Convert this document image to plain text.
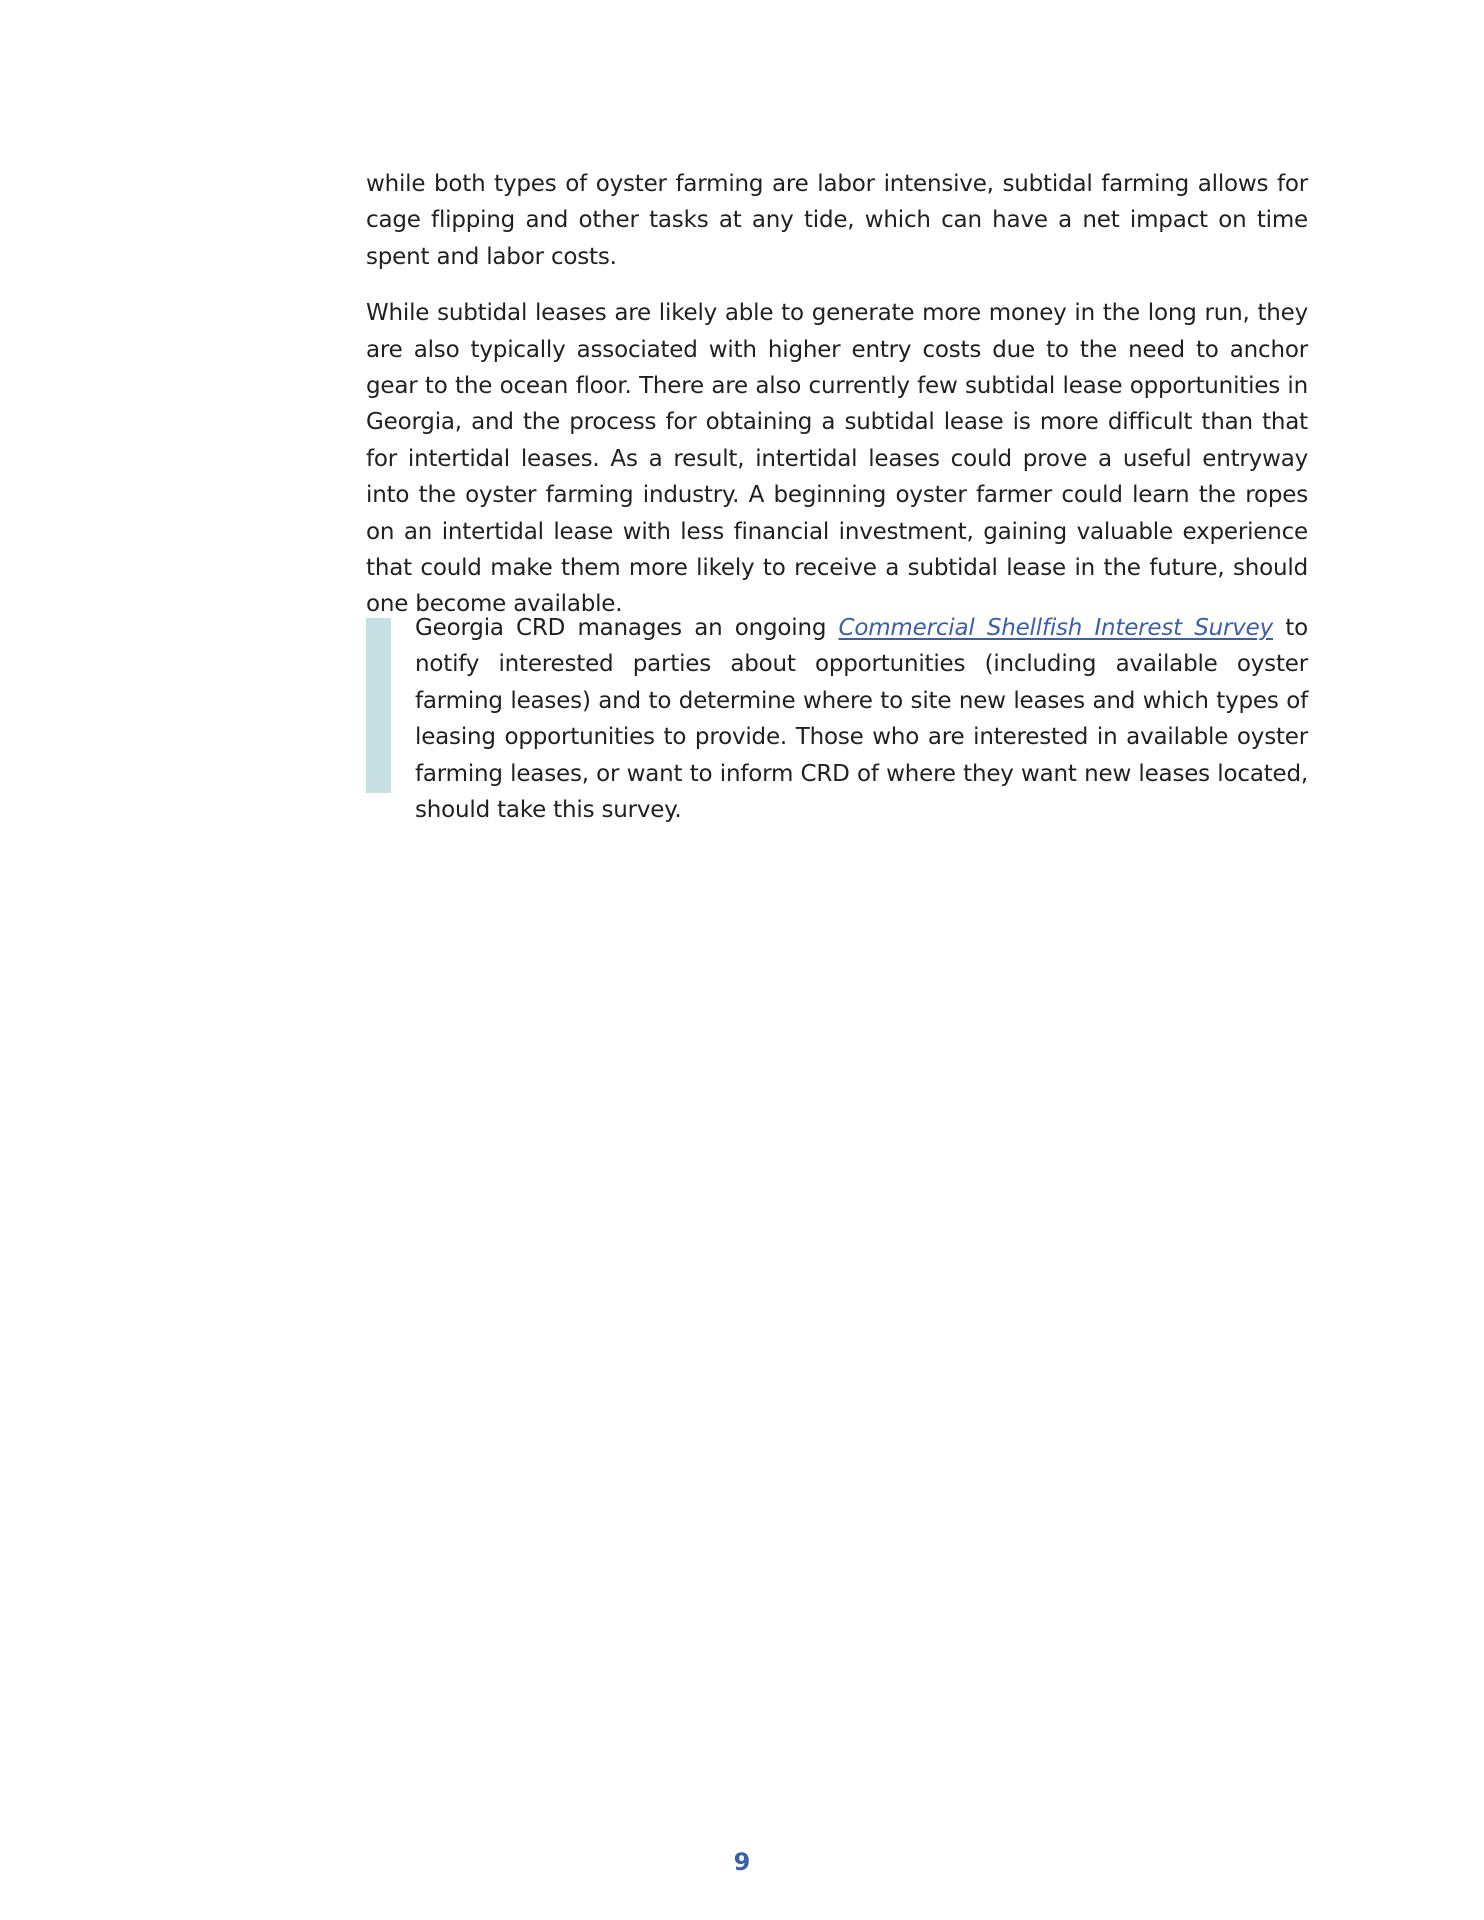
while both types of oyster farming are labor intensive, subtidal farming allows for cage flipping and other tasks at any tide, which can have a net impact on time spent and labor costs.

While subtidal leases are likely able to generate more money in the long run, they are also typically associated with higher entry costs due to the need to anchor gear to the ocean floor. There are also currently few subtidal lease opportunities in Georgia, and the process for obtaining a subtidal lease is more difficult than that for intertidal leases. As a result, intertidal leases could prove a useful entryway into the oyster farming industry. A beginning oyster farmer could learn the ropes on an intertidal lease with less financial investment, gaining valuable experience that could make them more likely to receive a subtidal lease in the future, should one become available.

Georgia CRD manages an ongoing Commercial Shellfish Interest Survey to notify interested parties about opportunities (including available oyster farming leases) and to determine where to site new leases and which types of leasing opportunities to provide. Those who are interested in available oyster farming leases, or want to inform CRD of where they want new leases located, should take this survey.

9
